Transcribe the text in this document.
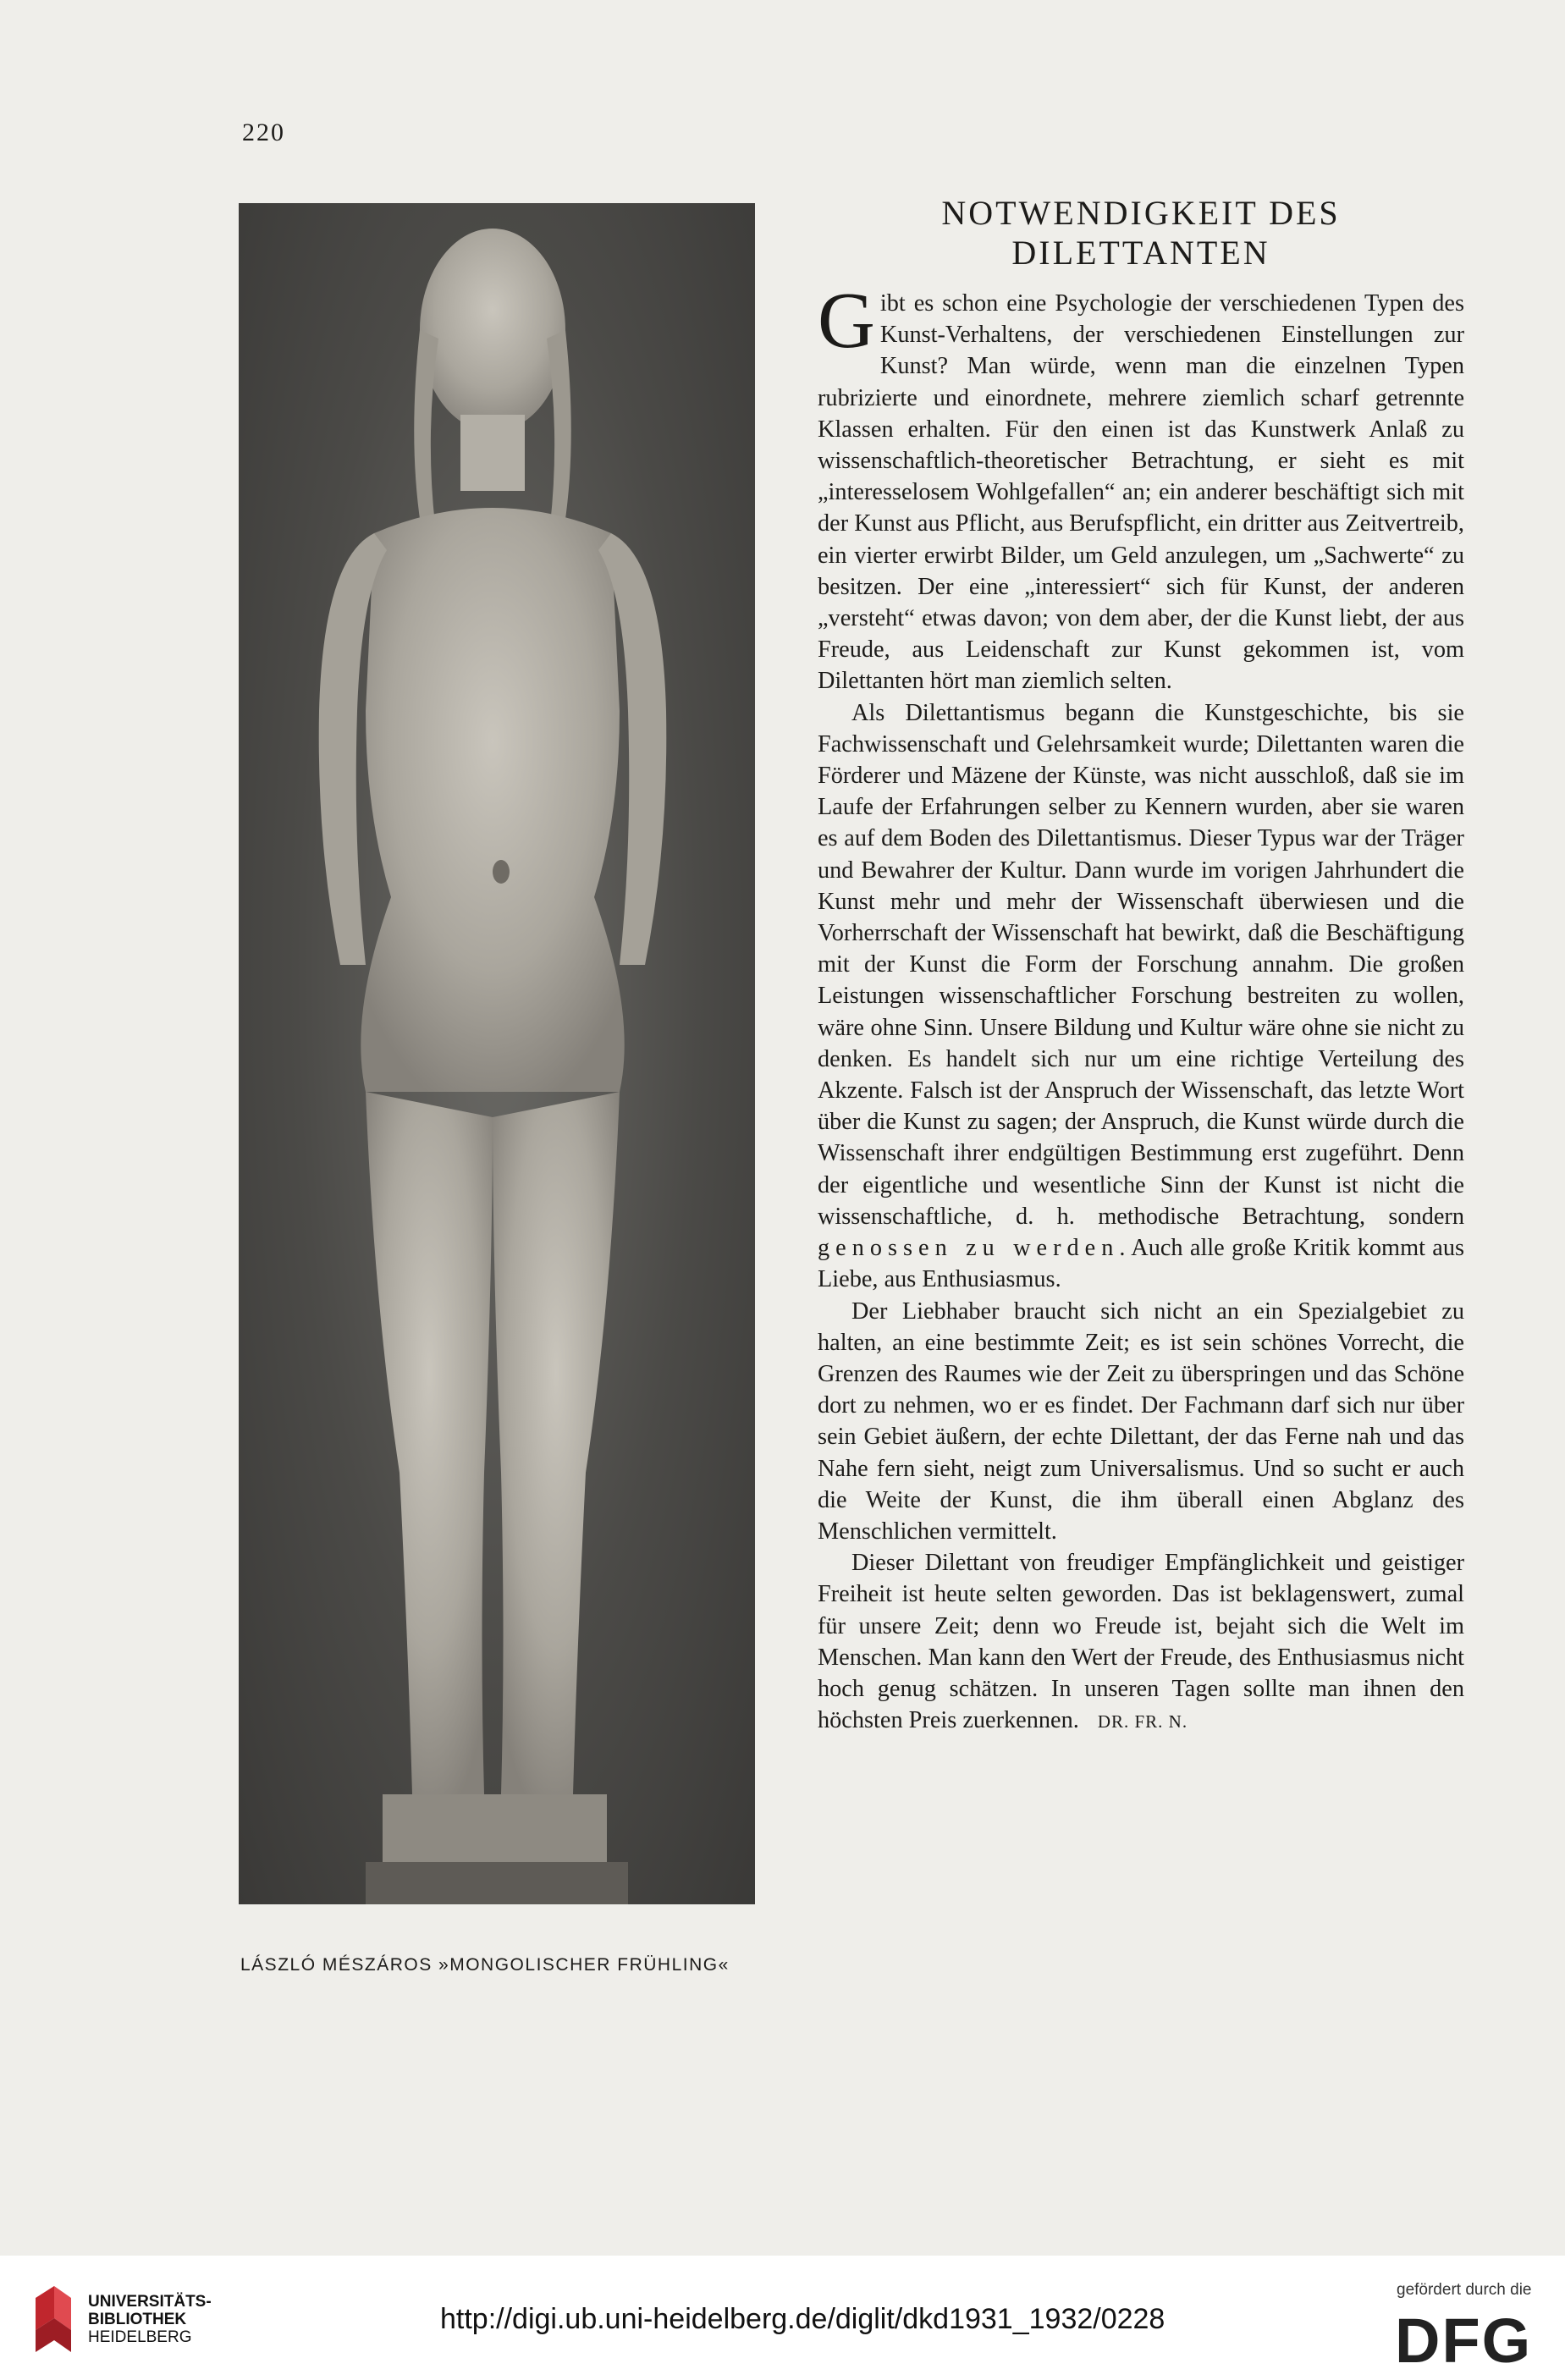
220
LÁSZLÓ MÉSZÁROS »MONGOLISCHER FRÜHLING«
NOTWENDIGKEIT DES DILETTANTEN

Gibt es schon eine Psychologie der verschiedenen Typen des Kunst-Verhaltens, der verschiedenen Einstellungen zur Kunst? Man würde, wenn man die einzelnen Typen rubrizierte und einordnete, mehrere ziemlich scharf getrennte Klassen erhalten. Für den einen ist das Kunstwerk Anlaß zu wissenschaftlich-theoretischer Betrachtung, er sieht es mit „interesselosem Wohlgefallen“ an; ein anderer beschäftigt sich mit der Kunst aus Pflicht, aus Berufspflicht, ein dritter aus Zeitvertreib, ein vierter erwirbt Bilder, um Geld anzulegen, um „Sachwerte“ zu besitzen. Der eine „interessiert“ sich für Kunst, der anderen „versteht“ etwas davon; von dem aber, der die Kunst liebt, der aus Freude, aus Leidenschaft zur Kunst gekommen ist, vom Dilettanten hört man ziemlich selten.

Als Dilettantismus begann die Kunstgeschichte, bis sie Fachwissenschaft und Gelehrsamkeit wurde; Dilettanten waren die Förderer und Mäzene der Künste, was nicht ausschloß, daß sie im Laufe der Erfahrungen selber zu Kennern wurden, aber sie waren es auf dem Boden des Dilettantismus. Dieser Typus war der Träger und Bewahrer der Kultur. Dann wurde im vorigen Jahrhundert die Kunst mehr und mehr der Wissenschaft überwiesen und die Vorherrschaft der Wissenschaft hat bewirkt, daß die Beschäftigung mit der Kunst die Form der Forschung annahm. Die großen Leistungen wissenschaftlicher Forschung bestreiten zu wollen, wäre ohne Sinn. Unsere Bildung und Kultur wäre ohne sie nicht zu denken. Es handelt sich nur um eine richtige Verteilung des Akzente. Falsch ist der Anspruch der Wissenschaft, das letzte Wort über die Kunst zu sagen; der Anspruch, die Kunst würde durch die Wissenschaft ihrer endgültigen Bestimmung erst zugeführt. Denn der eigentliche und wesentliche Sinn der Kunst ist nicht die wissenschaftliche, d. h. methodische Betrachtung, sondern genossen zu werden. Auch alle große Kritik kommt aus Liebe, aus Enthusiasmus.

Der Liebhaber braucht sich nicht an ein Spezialgebiet zu halten, an eine bestimmte Zeit; es ist sein schönes Vorrecht, die Grenzen des Raumes wie der Zeit zu überspringen und das Schöne dort zu nehmen, wo er es findet. Der Fachmann darf sich nur über sein Gebiet äußern, der echte Dilettant, der das Ferne nah und das Nahe fern sieht, neigt zum Universalismus. Und so sucht er auch die Weite der Kunst, die ihm überall einen Abglanz des Menschlichen vermittelt.

Dieser Dilettant von freudiger Empfänglichkeit und geistiger Freiheit ist heute selten geworden. Das ist beklagenswert, zumal für unsere Zeit; denn wo Freude ist, bejaht sich die Welt im Menschen. Man kann den Wert der Freude, des Enthusiasmus nicht hoch genug schätzen. In unseren Tagen sollte man ihnen den höchsten Preis zuerkennen. DR. FR. N.

UNIVERSITÄTS-
BIBLIOTHEK
HEIDELBERG
http://digi.ub.uni-heidelberg.de/diglit/dkd1931_1932/0228
gefördert durch die
DFG
